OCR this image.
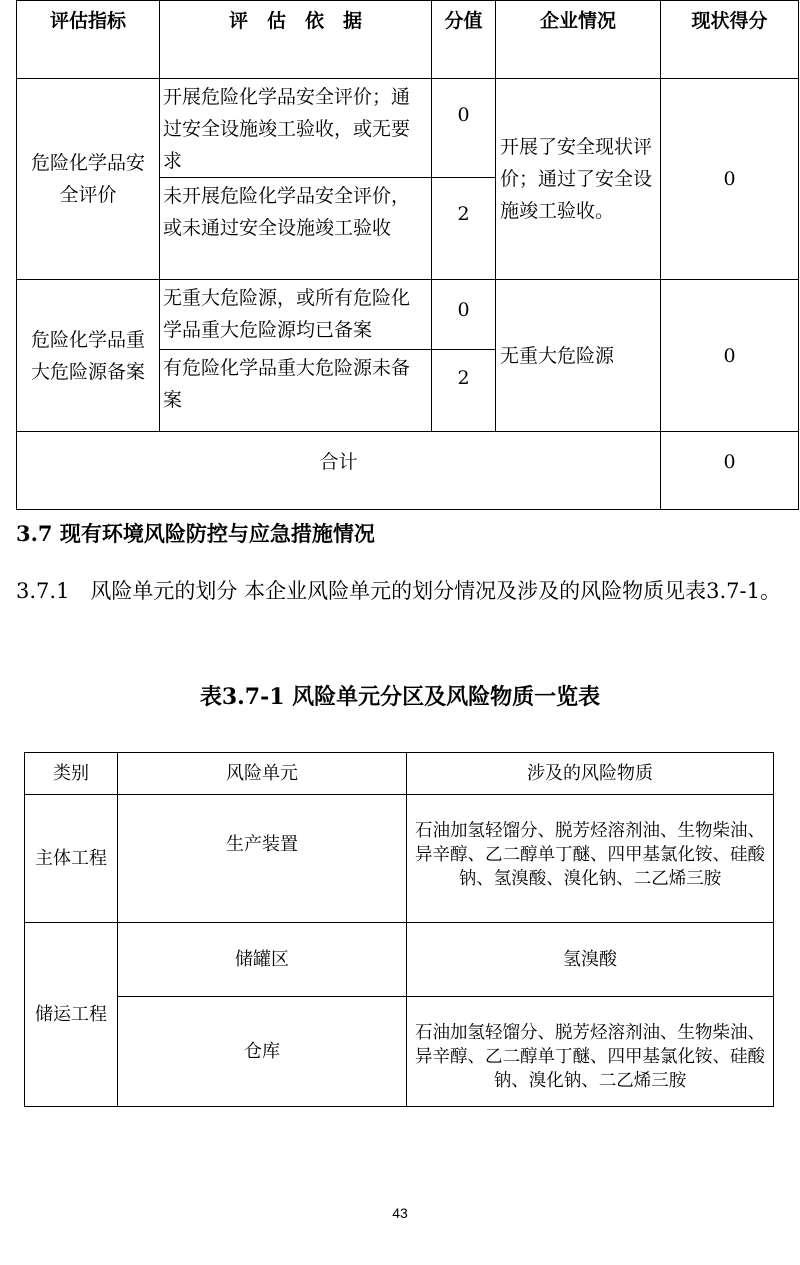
评估指标	评　估　依　据	分值	企业情况	现状得分
危险化学品安全评价	开展危险化学品安全评价；通过安全设施竣工验收，或无要求	0	开展了安全现状评价；通过了安全设施竣工验收。	0
	未开展危险化学品安全评价，或未通过安全设施竣工验收	2		
危险化学品重大危险源备案	无重大危险源，或所有危险化学品重大危险源均已备案	0	无重大危险源	0
	有危险化学品重大危险源未备案	2		
合计				0
3.7 现有环境风险防控与应急措施情况
3.7.1　风险单元的划分 本企业风险单元的划分情况及涉及的风险物质见表3.7-1。
表3.7-1 风险单元分区及风险物质一览表
类别	风险单元	涉及的风险物质
主体工程	生产装置	石油加氢轻馏分、脱芳烃溶剂油、生物柴油、异辛醇、乙二醇单丁醚、四甲基氯化铵、硅酸钠、氢溴酸、溴化钠、二乙烯三胺
储运工程	储罐区	氢溴酸
	仓库	石油加氢轻馏分、脱芳烃溶剂油、生物柴油、异辛醇、乙二醇单丁醚、四甲基氯化铵、硅酸钠、溴化钠、二乙烯三胺
43
